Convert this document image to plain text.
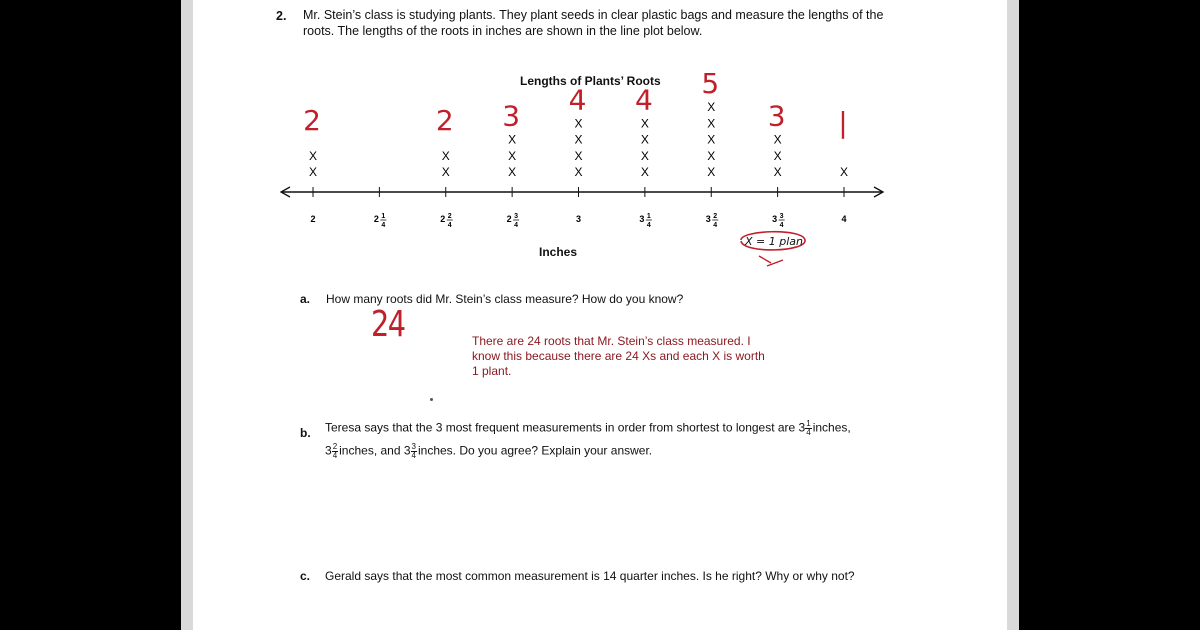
2. Mr. Stein’s class is studying plants. They plant seeds in clear plastic bags and measure the lengths of the
roots. The lengths of the roots in inches are shown in the line plot below.
Lengths of Plants’ Roots
X
X
X
X
X
X
X
X
X
X
X
X
X
X
X
X
X
X
X
X
X
X
X
X
2	2 1
4
2 2
4
2 3
4
3	3 1
4
3 2
4
3 3
4
4
2	2 3 4 4 5
3 |
X = 1 plan
Inches
a. How many roots did Mr. Stein’s class measure? How do you know?
24	There are 24 roots that Mr. Stein’s class measured. I know this because there are 24 Xs and each X is worth 1 plant.
b. Teresa says that the 3 most frequent measurements in order from shortest to longest are $3 \frac{1}{4}$ inches,
$3 \frac{2}{4}$ inches, and $3 \frac{3}{4}$ inches. Do you agree? Explain your answer.
c. Gerald says that the most common measurement is 14 quarter inches. Is he right? Why or why not?
